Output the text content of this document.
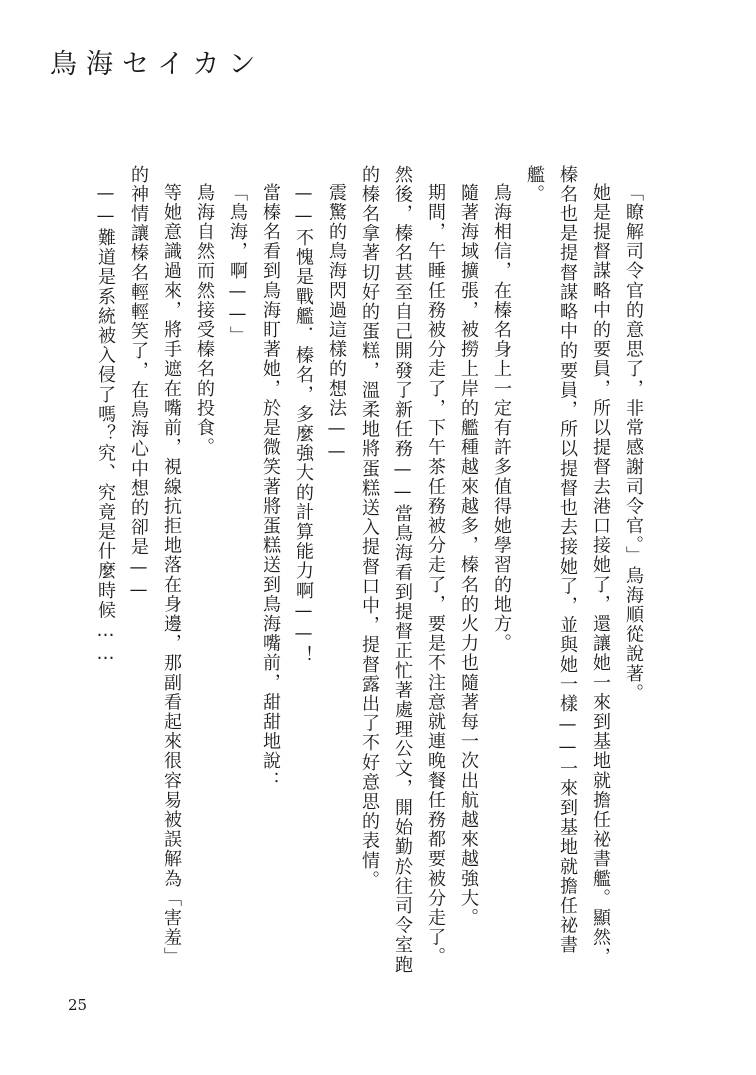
鳥海セイカン

「瞭解司令官的意思了，非常感謝司令官。」鳥海順從說著。

她是提督謀略中的要員，所以提督去港口接她了，還讓她一來到基地就擔任祕書艦。顯然，榛名也是提督謀略中的要員，所以提督也去接她了，並與她一樣——一來到基地就擔任祕書艦。

鳥海相信，在榛名身上一定有許多值得她學習的地方。

隨著海域擴張，被撈上岸的艦種越來越多，榛名的火力也隨著每一次出航越來越強大。

期間，午睡任務被分走了，下午茶任務被分走了，要是不注意就連晚餐任務都要被分走了。然後，榛名甚至自己開發了新任務——當鳥海看到提督正忙著處理公文，開始勤於往司令室跑的榛名拿著切好的蛋糕，溫柔地將蛋糕送入提督口中，提督露出了不好意思的表情。

震驚的鳥海閃過這樣的想法——

——不愧是戰艦．榛名，多麼強大的計算能力啊——！

當榛名看到鳥海盯著她，於是微笑著將蛋糕送到鳥海嘴前，甜甜地說：

「鳥海，啊——」

鳥海自然而然接受榛名的投食。

等她意識過來，將手遮在嘴前，視線抗拒地落在身邊，那副看起來很容易被誤解為「害羞」的神情讓榛名輕輕笑了，在鳥海心中想的卻是——

——難道是系統被入侵了嗎？究、究竟是什麼時候……

25
